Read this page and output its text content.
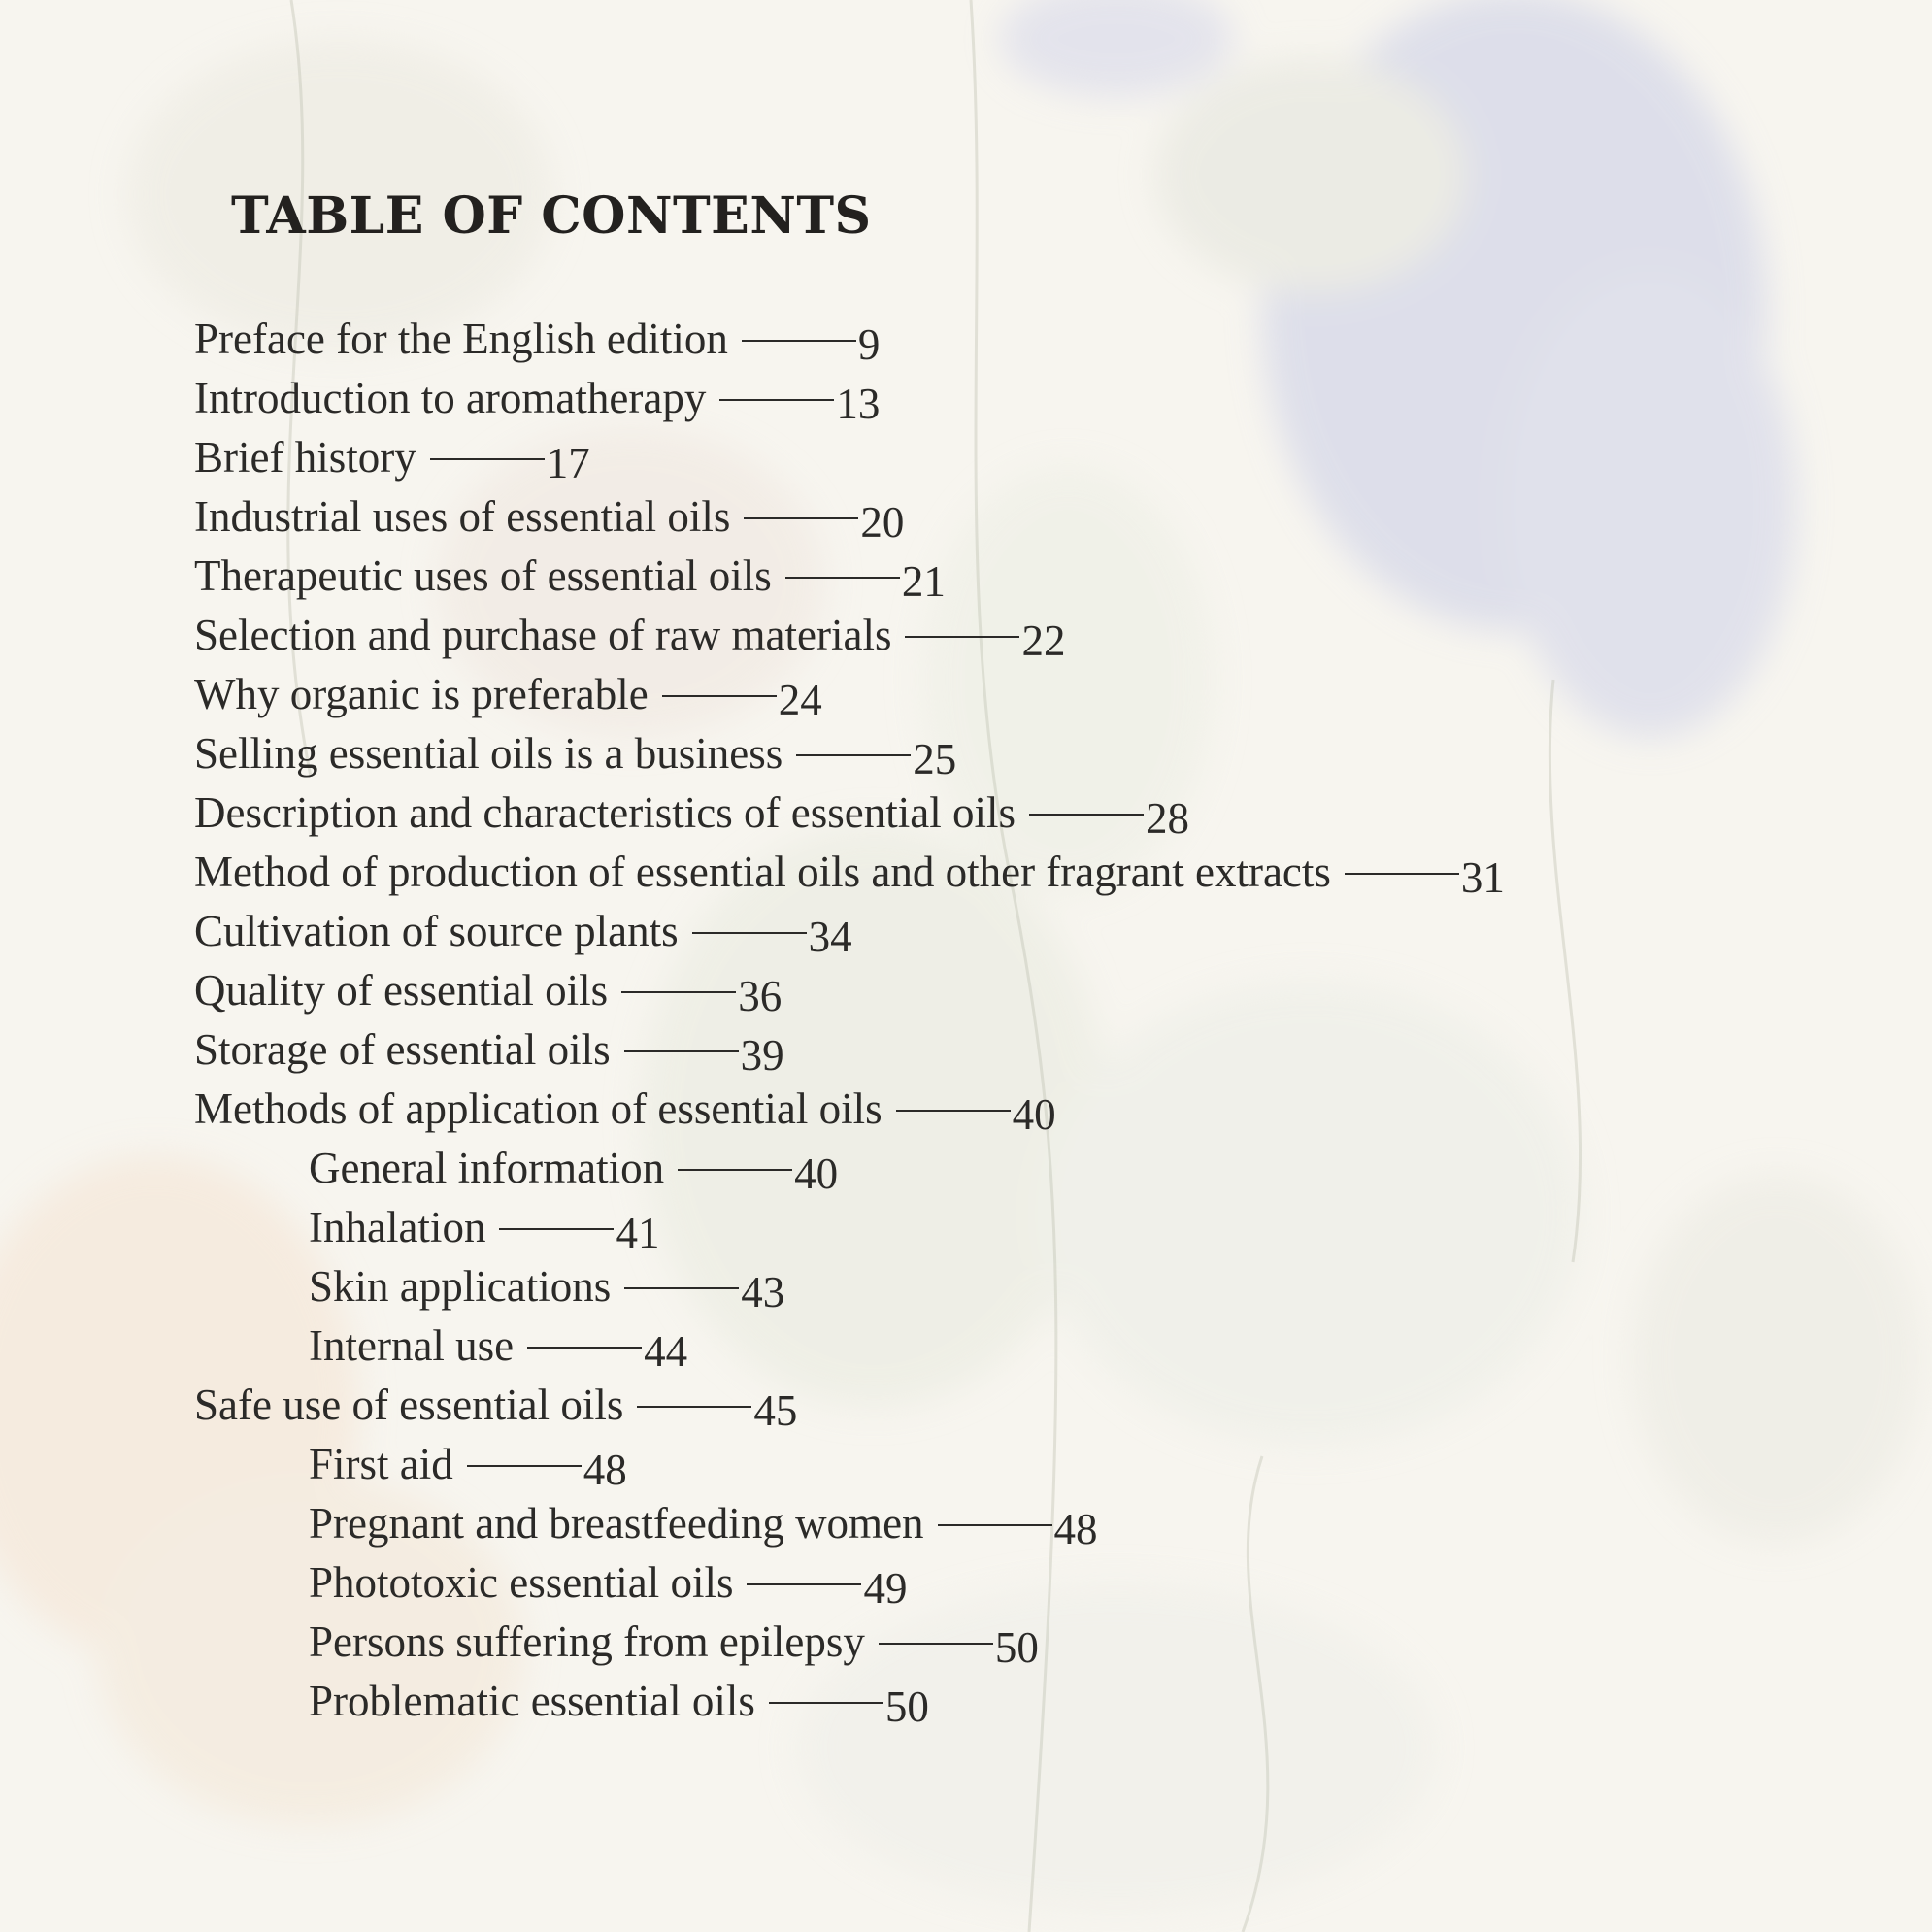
TABLE OF CONTENTS
Preface for the English edition	9
Introduction to aromatherapy	13
Brief history	17
Industrial uses of essential oils	20
Therapeutic uses of essential oils	21
Selection and purchase of raw materials	22
Why organic is preferable	24
Selling essential oils is a business	25
Description and characteristics of essential oils	28
Method of production of essential oils and other fragrant extracts	31
Cultivation of source plants	34
Quality of essential oils	36
Storage of essential oils	39
Methods of application of essential oils	40
General information	40
Inhalation	41
Skin applications	43
Internal use	44
Safe use of essential oils	45
First aid	48
Pregnant and breastfeeding women	48
Phototoxic essential oils	49
Persons suffering from epilepsy	50
Problematic essential oils	50
